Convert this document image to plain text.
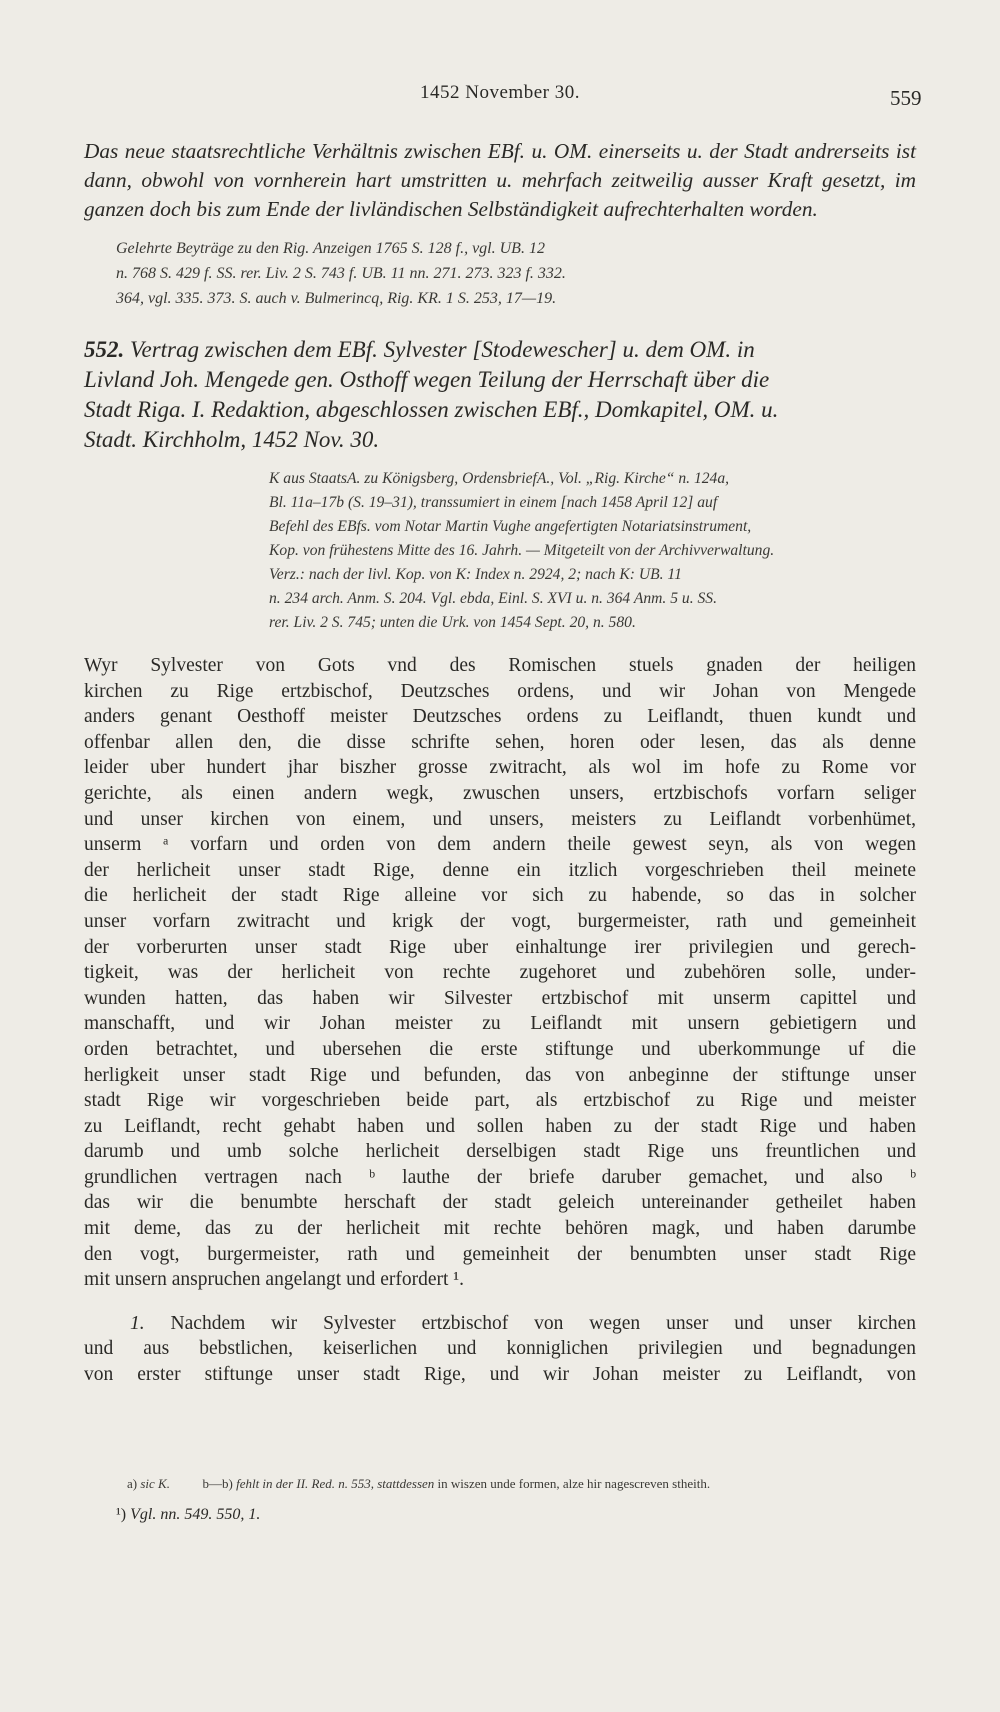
1452 November 30.	559

Das neue staatsrechtliche Verhältnis zwischen EBf. u. OM. einerseits u. der Stadt andrerseits ist dann, obwohl von vornherein hart umstritten u. mehrfach zeitweilig ausser Kraft gesetzt, im ganzen doch bis zum Ende der livländischen Selbständigkeit aufrechterhalten worden.

Gelehrte Beyträge zu den Rig. Anzeigen 1765 S. 128 f., vgl. UB. 12
n. 768 S. 429 f. SS. rer. Liv. 2 S. 743 f. UB. 11 nn. 271. 273. 323 f. 332.
364, vgl. 335. 373. S. auch v. Bulmerincq, Rig. KR. 1 S. 253, 17—19.
552. Vertrag zwischen dem EBf. Sylvester [Stodewescher] u. dem OM. in
Livland Joh. Mengede gen. Osthoff wegen Teilung der Herrschaft über die
Stadt Riga. I. Redaktion, abgeschlossen zwischen EBf., Domkapitel, OM. u.
Stadt. Kirchholm, 1452 Nov. 30.
K aus StaatsA. zu Königsberg, OrdensbriefA., Vol. „Rig. Kirche“ n. 124a,
Bl. 11a–17b (S. 19–31), transsumiert in einem [nach 1458 April 12] auf
Befehl des EBfs. vom Notar Martin Vughe angefertigten Notariatsinstrument,
Kop. von frühestens Mitte des 16. Jahrh. — Mitgeteilt von der Archivverwaltung.
Verz.: nach der livl. Kop. von K: Index n. 2924, 2; nach K: UB. 11
n. 234 arch. Anm. S. 204. Vgl. ebda, Einl. S. XVI u. n. 364 Anm. 5 u. SS.
rer. Liv. 2 S. 745; unten die Urk. von 1454 Sept. 20, n. 580.
Wyr Sylvester von Gots vnd des Romischen stuels gnaden der heiligen
kirchen zu Rige ertzbischof, Deutzsches ordens, und wir Johan von Mengede
anders genant Oesthoff meister Deutzsches ordens zu Leiflandt, thuen kundt und
offenbar allen den, die disse schrifte sehen, horen oder lesen, das als denne
leider uber hundert jhar biszher grosse zwitracht, als wol im hofe zu Rome vor
gerichte, als einen andern wegk, zwuschen unsers, ertzbischofs vorfarn seliger
und unser kirchen von einem, und unsers, meisters zu Leiflandt vorbenhümet,
unserm ᵃ vorfarn und orden von dem andern theile gewest seyn, als von wegen
der herlicheit unser stadt Rige, denne ein itzlich vorgeschrieben theil meinete
die herlicheit der stadt Rige alleine vor sich zu habende, so das in solcher
unser vorfarn zwitracht und krigk der vogt, burgermeister, rath und gemeinheit
der vorberurten unser stadt Rige uber einhaltunge irer privilegien und gerech-
tigkeit, was der herlicheit von rechte zugehoret und zubehören solle, under-
wunden hatten, das haben wir Silvester ertzbischof mit unserm capittel und
manschafft, und wir Johan meister zu Leiflandt mit unsern gebietigern und
orden betrachtet, und ubersehen die erste stiftunge und uberkommunge uf die
herligkeit unser stadt Rige und befunden, das von anbeginne der stiftunge unser
stadt Rige wir vorgeschrieben beide part, als ertzbischof zu Rige und meister
zu Leiflandt, recht gehabt haben und sollen haben zu der stadt Rige und haben
darumb und umb solche herlicheit derselbigen stadt Rige uns freuntlichen und
grundlichen vertragen nach ᵇ lauthe der briefe daruber gemachet, und also ᵇ
das wir die benumbte herschaft der stadt geleich untereinander getheilet haben
mit deme, das zu der herlicheit mit rechte behören magk, und haben darumbe
den vogt, burgermeister, rath und gemeinheit der benumbten unser stadt Rige
mit unsern anspruchen angelangt und erfordert ¹.
1. Nachdem wir Sylvester ertzbischof von wegen unser und unser kirchen
und aus bebstlichen, keiserlichen und konniglichen privilegien und begnadungen
von erster stiftunge unser stadt Rige, und wir Johan meister zu Leiflandt, von
a) sic K.	b—b) fehlt in der II. Red. n. 553, stattdessen in wiszen unde formen, alze hir nagescreven stheith.
¹) Vgl. nn. 549. 550, 1.
